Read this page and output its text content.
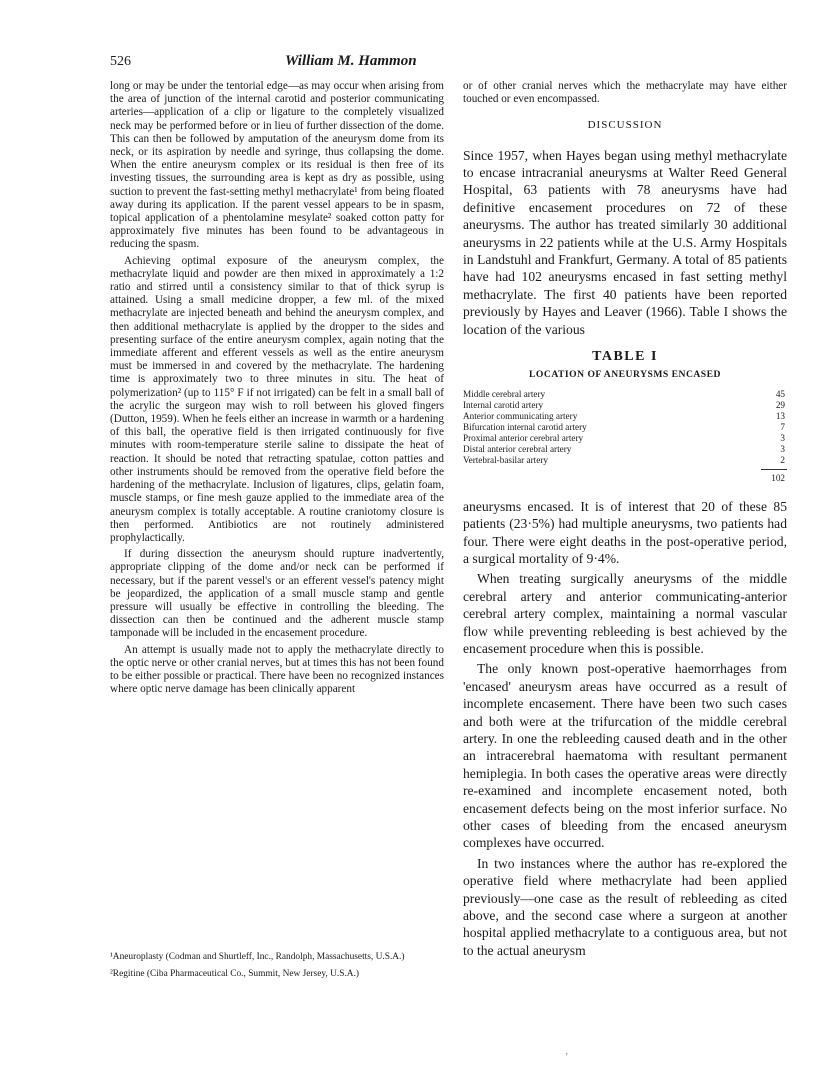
526	William M. Hammon

long or may be under the tentorial edge—as may occur when arising from the area of junction of the internal carotid and posterior communicating arteries—application of a clip or ligature to the completely visualized neck may be performed before or in lieu of further dissection of the dome. This can then be followed by amputation of the aneurysm dome from its neck, or its aspiration by needle and syringe, thus collapsing the dome. When the entire aneurysm complex or its residual is then free of its investing tissues, the surrounding area is kept as dry as possible, using suction to prevent the fast-setting methyl methacrylate¹ from being floated away during its application. If the parent vessel appears to be in spasm, topical application of a phentolamine mesylate² soaked cotton patty for approximately five minutes has been found to be advantageous in reducing the spasm.

Achieving optimal exposure of the aneurysm complex, the methacrylate liquid and powder are then mixed in approximately a 1:2 ratio and stirred until a consistency similar to that of thick syrup is attained. Using a small medicine dropper, a few ml. of the mixed methacrylate are injected beneath and behind the aneurysm complex, and then additional methacrylate is applied by the dropper to the sides and presenting surface of the entire aneurysm complex, again noting that the immediate afferent and efferent vessels as well as the entire aneurysm must be immersed in and covered by the methacrylate. The hardening time is approximately two to three minutes in situ. The heat of polymerization² (up to 115° F if not irrigated) can be felt in a small ball of the acrylic the surgeon may wish to roll between his gloved fingers (Dutton, 1959). When he feels either an increase in warmth or a hardening of this ball, the operative field is then irrigated continuously for five minutes with room-temperature sterile saline to dissipate the heat of reaction. It should be noted that retracting spatulae, cotton patties and other instruments should be removed from the operative field before the hardening of the methacrylate. Inclusion of ligatures, clips, gelatin foam, muscle stamps, or fine mesh gauze applied to the immediate area of the aneurysm complex is totally acceptable. A routine craniotomy closure is then performed. Antibiotics are not routinely administered prophylactically.

If during dissection the aneurysm should rupture inadvertently, appropriate clipping of the dome and/or neck can be performed if necessary, but if the parent vessel's or an efferent vessel's patency might be jeopardized, the application of a small muscle stamp and gentle pressure will usually be effective in controlling the bleeding. The dissection can then be continued and the adherent muscle stamp tamponade will be included in the encasement procedure.

An attempt is usually made not to apply the methacrylate directly to the optic nerve or other cranial nerves, but at times this has not been found to be either possible or practical. There have been no recognized instances where optic nerve damage has been clinically apparent

or of other cranial nerves which the methacrylate may have either touched or even encompassed.

DISCUSSION

Since 1957, when Hayes began using methyl methacrylate to encase intracranial aneurysms at Walter Reed General Hospital, 63 patients with 78 aneurysms have had definitive encasement procedures on 72 of these aneurysms. The author has treated similarly 30 additional aneurysms in 22 patients while at the U.S. Army Hospitals in Landstuhl and Frankfurt, Germany. A total of 85 patients have had 102 aneurysms encased in fast setting methyl methacrylate. The first 40 patients have been reported previously by Hayes and Leaver (1966). Table I shows the location of the various

TABLE I
LOCATION OF ANEURYSMS ENCASED
Middle cerebral artery	45
Internal carotid artery	29
Anterior communicating artery	13
Bifurcation internal carotid artery	7
Proximal anterior cerebral artery	3
Distal anterior cerebral artery	3
Vertebral-basilar artery	2
102

aneurysms encased. It is of interest that 20 of these 85 patients (23·5%) had multiple aneurysms, two patients had four. There were eight deaths in the post-operative period, a surgical mortality of 9·4%.

When treating surgically aneurysms of the middle cerebral artery and anterior communicating-anterior cerebral artery complex, maintaining a normal vascular flow while preventing rebleeding is best achieved by the encasement procedure when this is possible.

The only known post-operative haemorrhages from 'encased' aneurysm areas have occurred as a result of incomplete encasement. There have been two such cases and both were at the trifurcation of the middle cerebral artery. In one the rebleeding caused death and in the other an intracerebral haematoma with resultant permanent hemiplegia. In both cases the operative areas were directly re-examined and incomplete encasement noted, both encasement defects being on the most inferior surface. No other cases of bleeding from the encased aneurysm complexes have occurred.

In two instances where the author has re-explored the operative field where methacrylate had been applied previously—one case as the result of rebleeding as cited above, and the second case where a surgeon at another hospital applied methacrylate to a contiguous area, but not to the actual aneurysm

¹Aneuroplasty (Codman and Shurtleff, Inc., Randolph, Massachusetts, U.S.A.)

²Regitine (Ciba Pharmaceutical Co., Summit, New Jersey, U.S.A.)

‚
